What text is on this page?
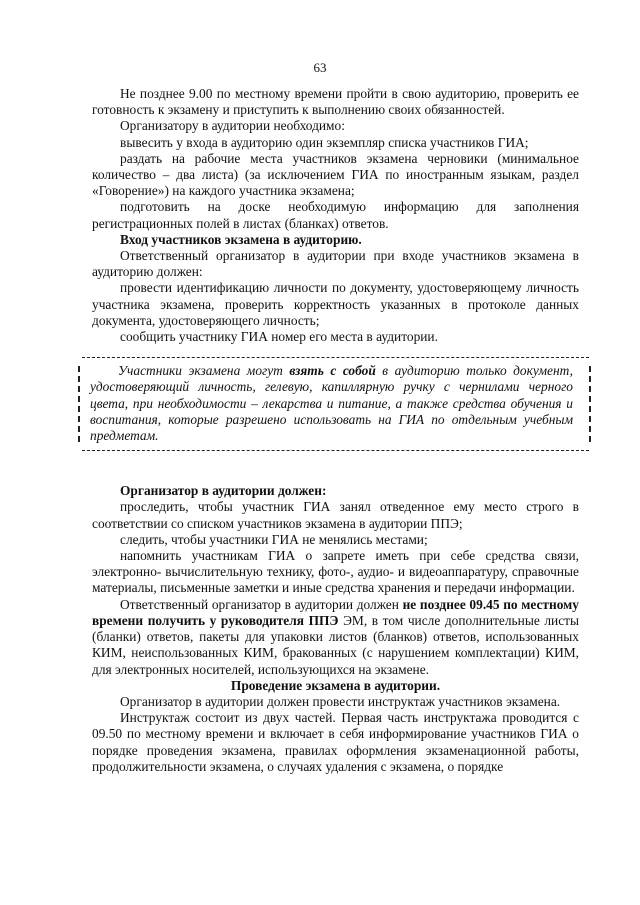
63

Не позднее 9.00 по местному времени пройти в свою аудиторию, проверить ее готовность к экзамену и приступить к выполнению своих обязанностей.

Организатору в аудитории необходимо:

вывесить у входа в аудиторию один экземпляр списка участников ГИА;

раздать на рабочие места участников экзамена черновики (минимальное количество – два листа) (за исключением ГИА по иностранным языкам, раздел «Говорение») на каждого участника экзамена;

подготовить на доске необходимую информацию для заполнения регистрационных полей в листах (бланках) ответов.

Вход участников экзамена в аудиторию.

Ответственный организатор в аудитории при входе участников экзамена в аудиторию должен:

провести идентификацию личности по документу, удостоверяющему личность участника экзамена, проверить корректность указанных в протоколе данных документа, удостоверяющего личность;

сообщить участнику ГИА номер его места в аудитории.

Участники экзамена могут взять с собой в аудиторию только документ, удостоверяющий личность, гелевую, капиллярную ручку с чернилами черного цвета, при необходимости – лекарства и питание, а также средства обучения и воспитания, которые разрешено использовать на ГИА по отдельным учебным предметам.

Организатор в аудитории должен:

проследить, чтобы участник ГИА занял отведенное ему место строго в соответствии со списком участников экзамена в аудитории ППЭ;

следить, чтобы участники ГИА не менялись местами;

напомнить участникам ГИА о запрете иметь при себе средства связи, электронно- вычислительную технику, фото-, аудио- и видеоаппаратуру, справочные материалы, письменные заметки и иные средства хранения и передачи информации.

Ответственный организатор в аудитории должен не позднее 09.45 по местному времени получить у руководителя ППЭ ЭМ, в том числе дополнительные листы (бланки) ответов, пакеты для упаковки листов (бланков) ответов, использованных КИМ, неиспользованных КИМ, бракованных (с нарушением комплектации) КИМ, для электронных носителей, использующихся на экзамене.

Проведение экзамена в аудитории.

Организатор в аудитории должен провести инструктаж участников экзамена.

Инструктаж состоит из двух частей. Первая часть инструктажа проводится с 09.50 по местному времени и включает в себя информирование участников ГИА о порядке проведения экзамена, правилах оформления экзаменационной работы, продолжительности экзамена, о случаях удаления с экзамена, о порядке
